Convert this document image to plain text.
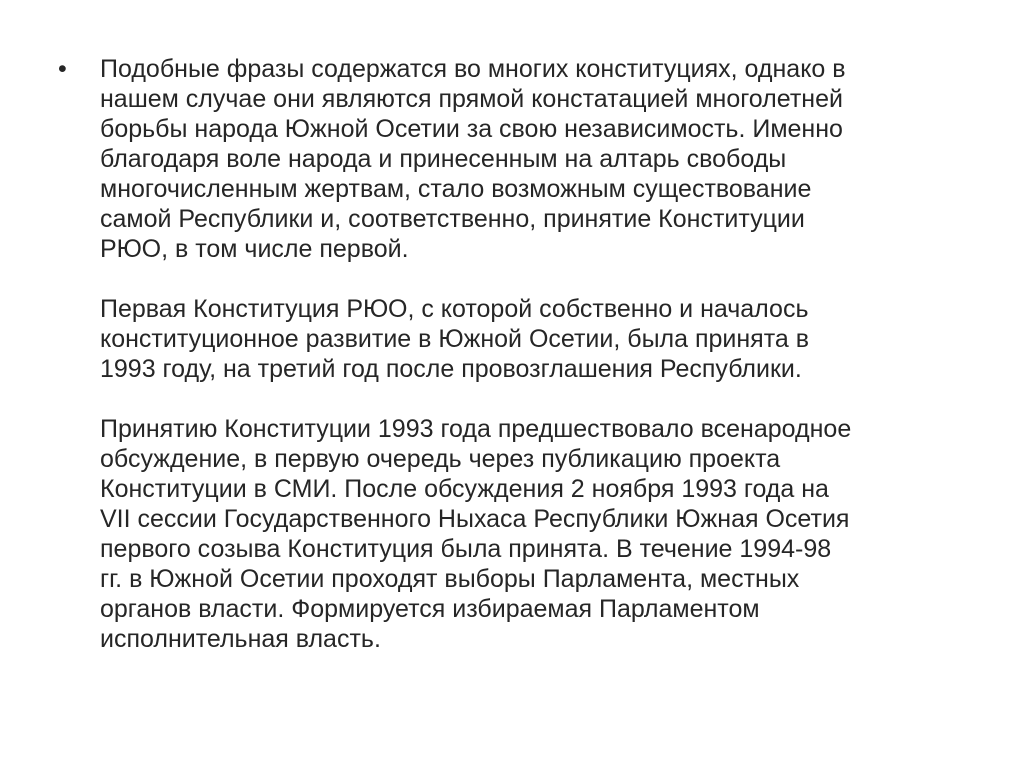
•	Подобные фразы содержатся во многих конституциях, однако в
нашем случае они являются прямой констатацией многолетней
борьбы народа Южной Осетии за свою независимость. Именно
благодаря воле народа и принесенным на алтарь свободы
многочисленным жертвам, стало возможным существование
самой Республики и, соответственно, принятие Конституции
РЮО, в том числе первой.
Первая Конституция РЮО, с которой собственно и началось
конституционное развитие в Южной Осетии, была принята в
1993 году, на третий год после провозглашения Республики.
Принятию Конституции 1993 года предшествовало всенародное
обсуждение, в первую очередь через публикацию проекта
Конституции в СМИ. После обсуждения 2 ноября 1993 года на
VII сессии Государственного Ныхаса Республики Южная Осетия
первого созыва Конституция была принята. В течение 1994-98
гг. в Южной Осетии проходят выборы Парламента, местных
органов власти. Формируется избираемая Парламентом
исполнительная власть.
